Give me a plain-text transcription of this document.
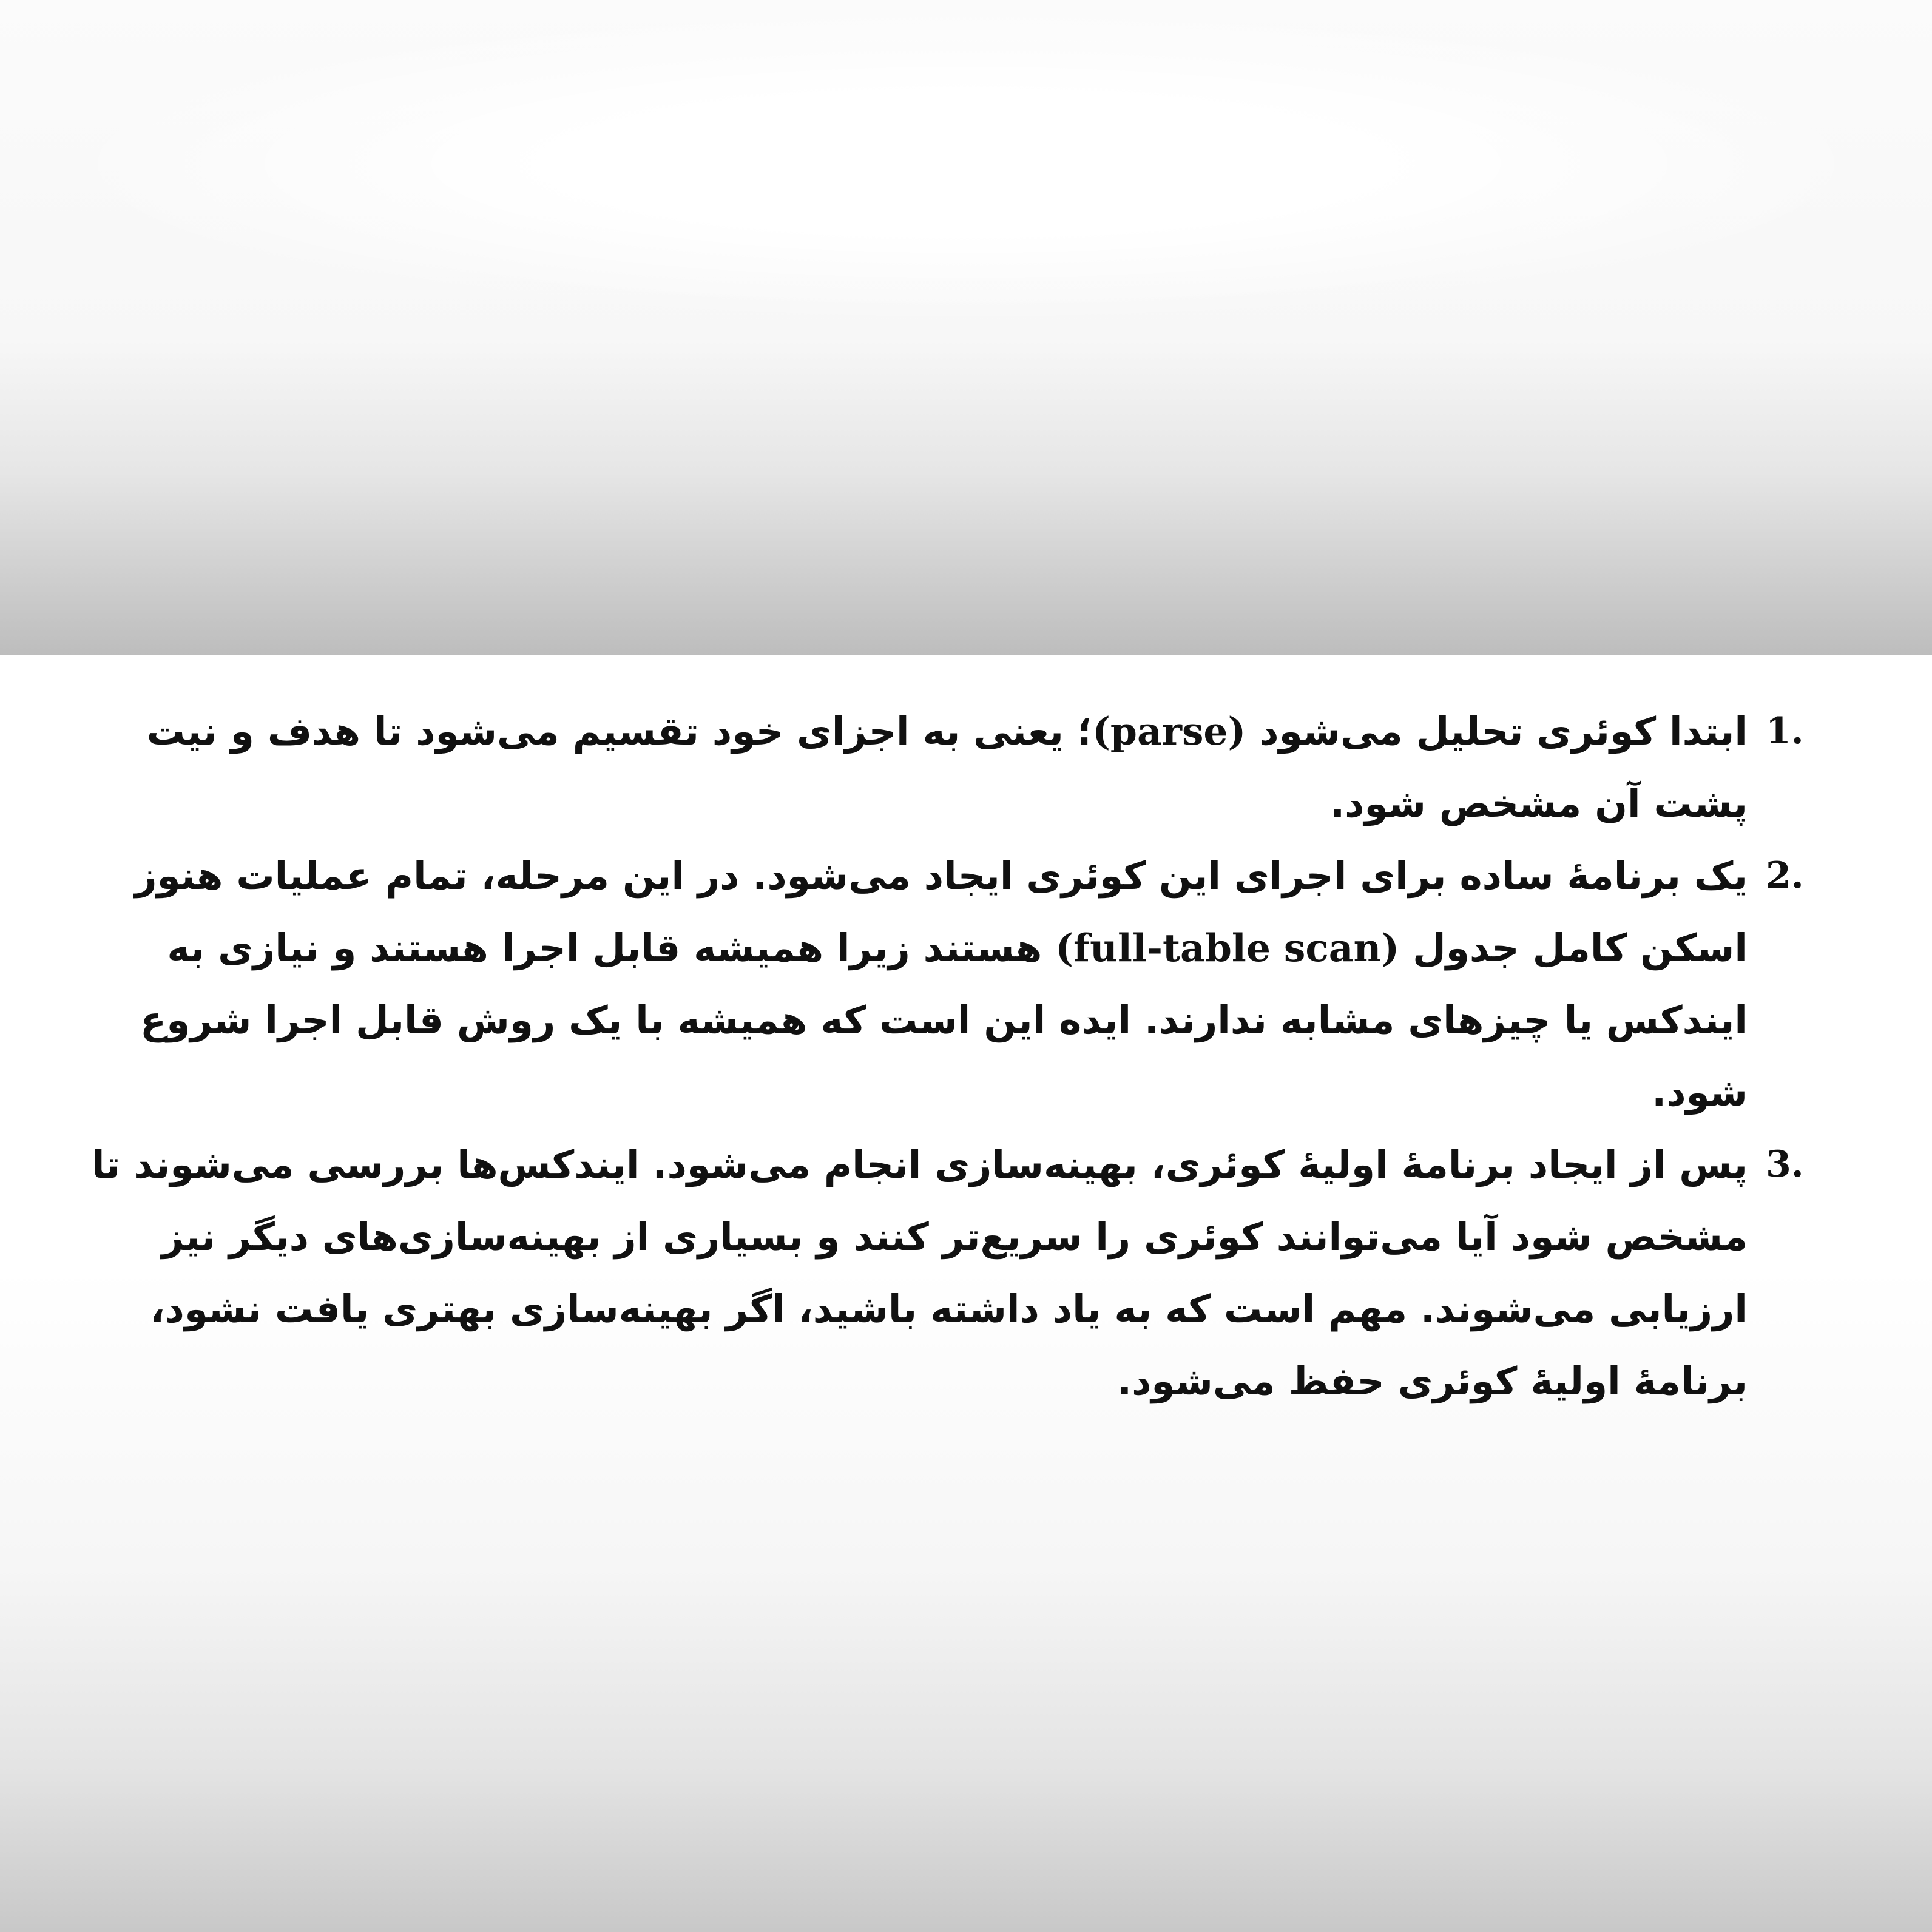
1.
ابتدا کوئری تحلیل می‌شود (parse)؛ یعنی به اجزای خود تقسیم می‌شود تا هدف و نیت پشت آن مشخص شود.
2.
یک برنامهٔ ساده برای اجرای این کوئری ایجاد می‌شود. در این مرحله، تمام عملیات هنوز اسکن کامل جدول (full-table scan) هستند زیرا همیشه قابل اجرا هستند و نیازی به ایندکس یا چیزهای مشابه ندارند. ایده این است که همیشه با یک روش قابل اجرا شروع شود.
3.
پس از ایجاد برنامهٔ اولیهٔ کوئری، بهینه‌سازی انجام می‌شود. ایندکس‌ها بررسی می‌شوند تا مشخص شود آیا می‌توانند کوئری را سریع‌تر کنند و بسیاری از بهینه‌سازی‌های دیگر نیز ارزیابی می‌شوند. مهم است که به یاد داشته باشید، اگر بهینه‌سازی بهتری یافت نشود، برنامهٔ اولیهٔ کوئری حفظ می‌شود.
